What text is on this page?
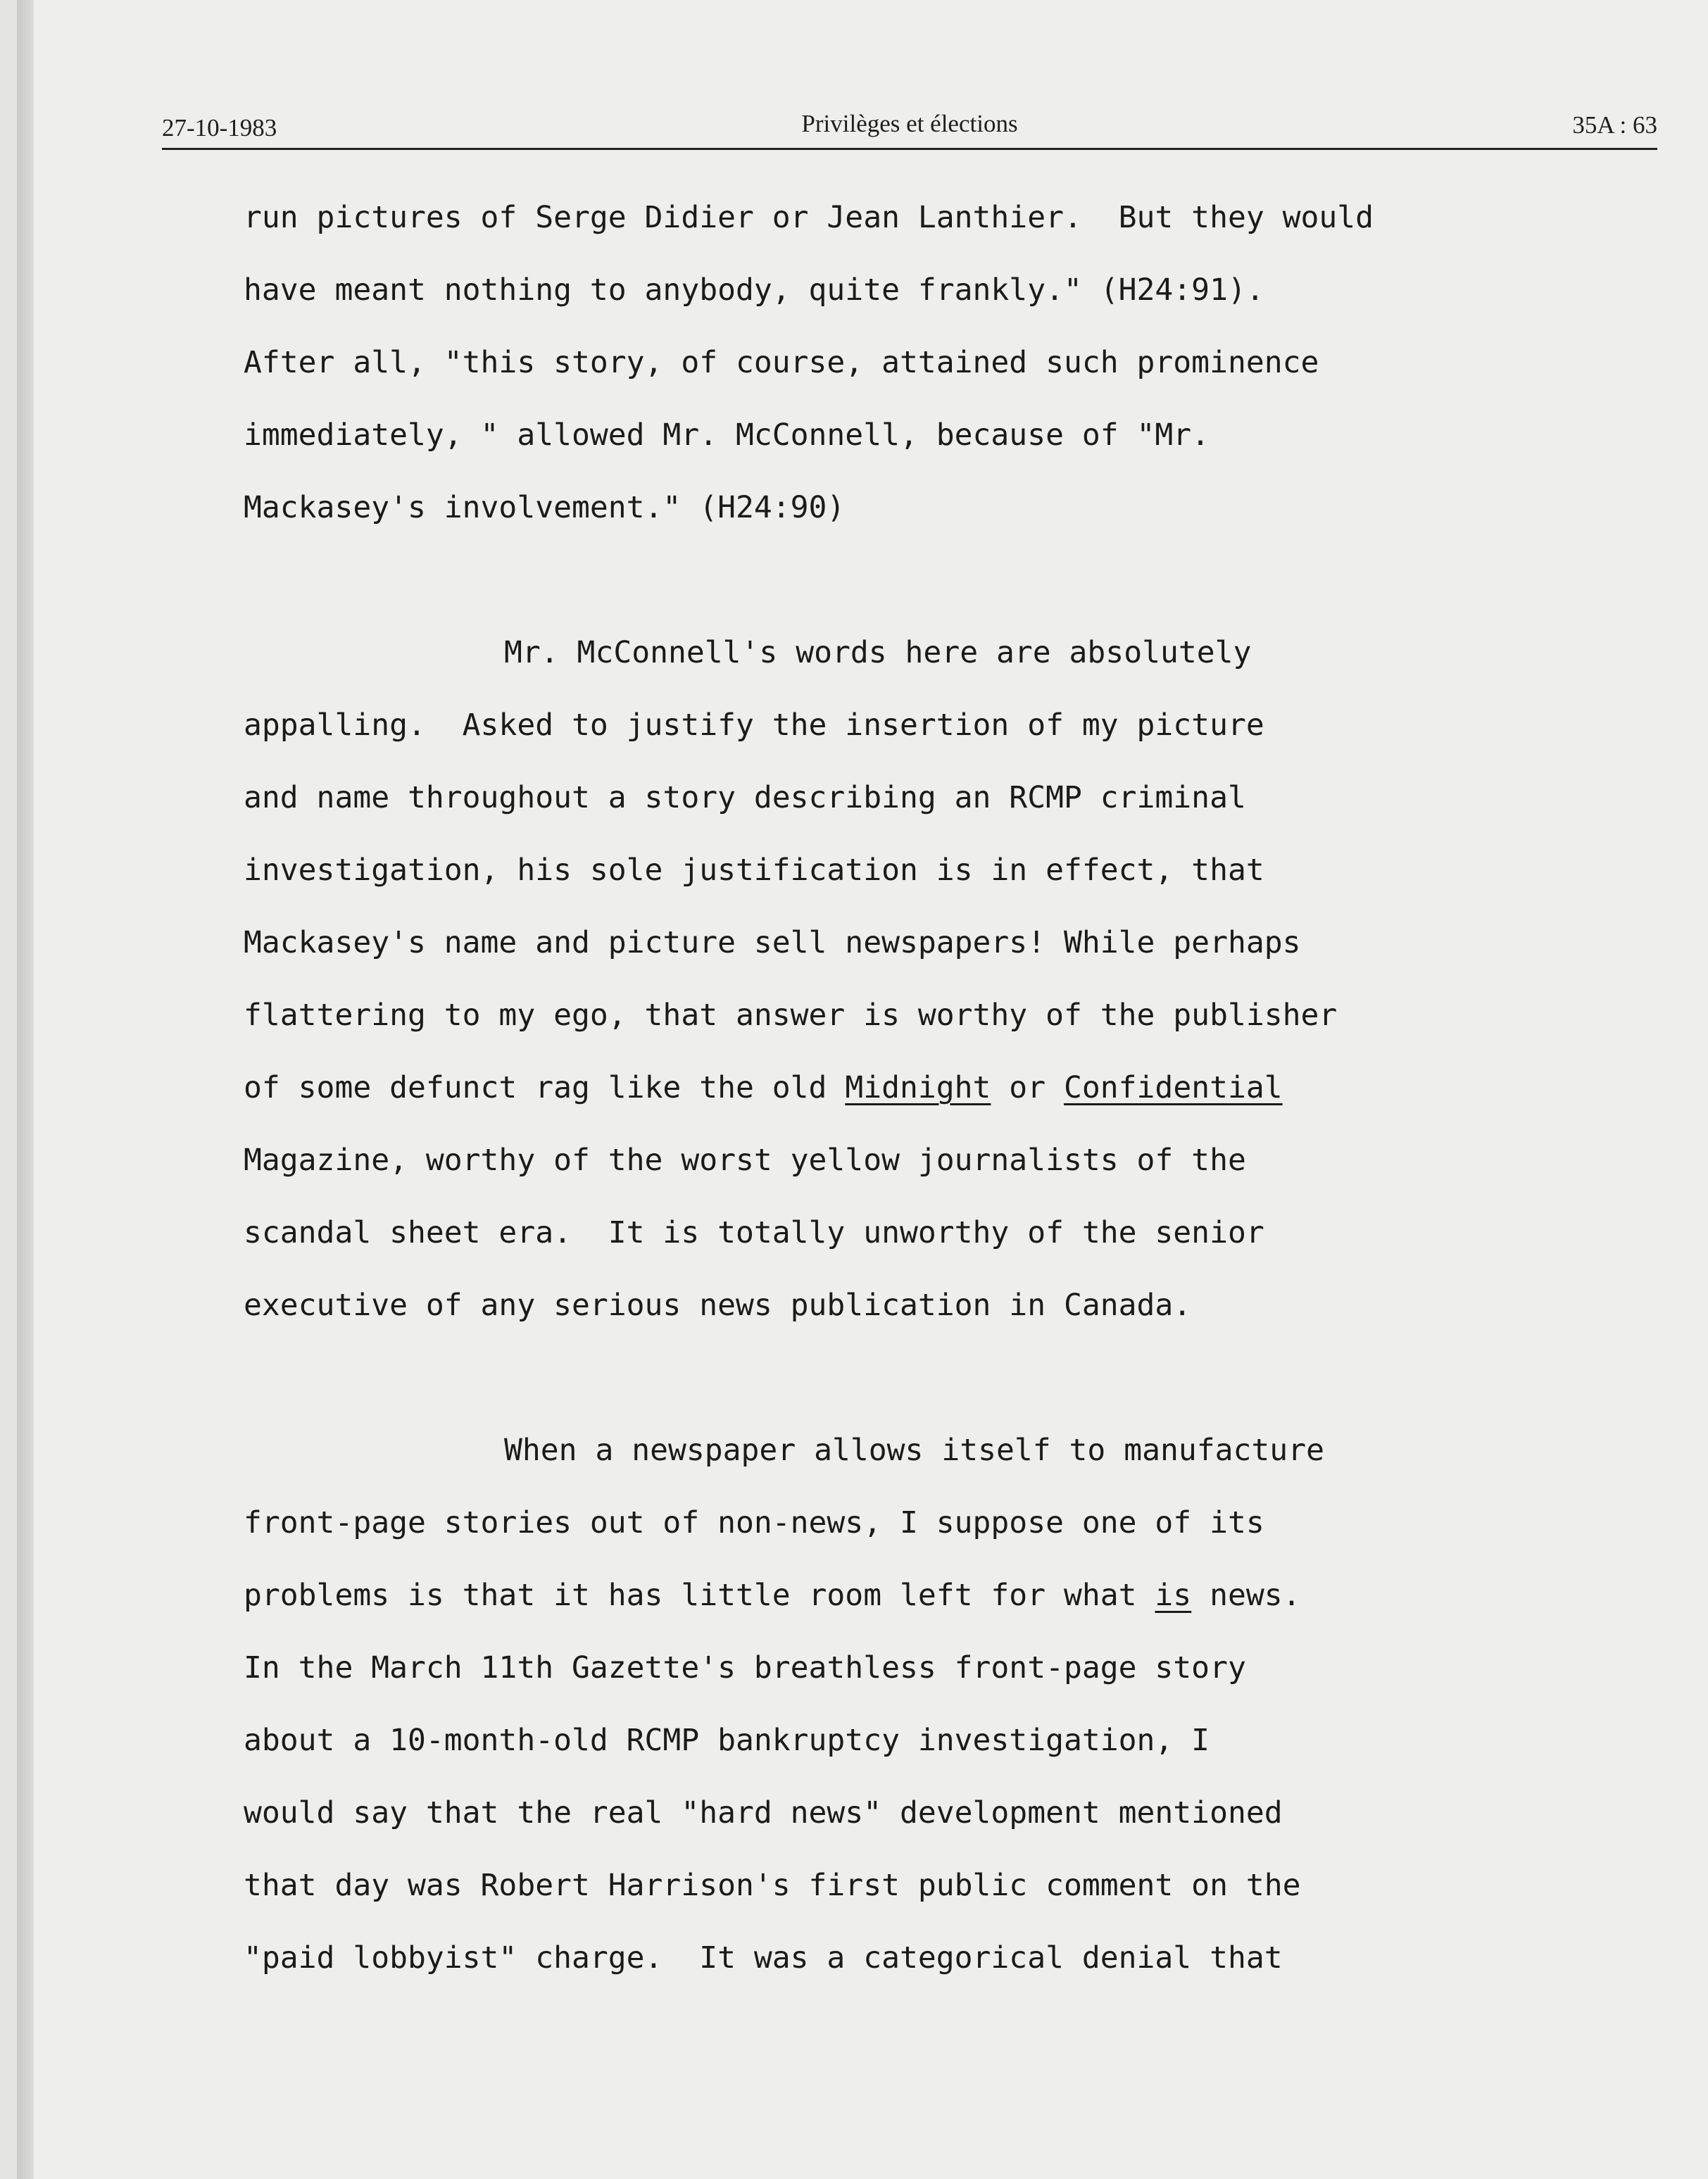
27-10-1983	Privilèges et élections	35A : 63
run pictures of Serge Didier or Jean Lanthier.  But they would
have meant nothing to anybody, quite frankly." (H24:91).
After all, "this story, of course, attained such prominence
immediately, " allowed Mr. McConnell, because of "Mr.
Mackasey's involvement." (H24:90)
Mr. McConnell's words here are absolutely
appalling.  Asked to justify the insertion of my picture
and name throughout a story describing an RCMP criminal
investigation, his sole justification is in effect, that
Mackasey's name and picture sell newspapers! While perhaps
flattering to my ego, that answer is worthy of the publisher
of some defunct rag like the old Midnight or Confidential
Magazine, worthy of the worst yellow journalists of the
scandal sheet era.  It is totally unworthy of the senior
executive of any serious news publication in Canada.
When a newspaper allows itself to manufacture
front-page stories out of non-news, I suppose one of its
problems is that it has little room left for what is news.
In the March 11th Gazette's breathless front-page story
about a 10-month-old RCMP bankruptcy investigation, I
would say that the real "hard news" development mentioned
that day was Robert Harrison's first public comment on the
"paid lobbyist" charge.  It was a categorical denial that
